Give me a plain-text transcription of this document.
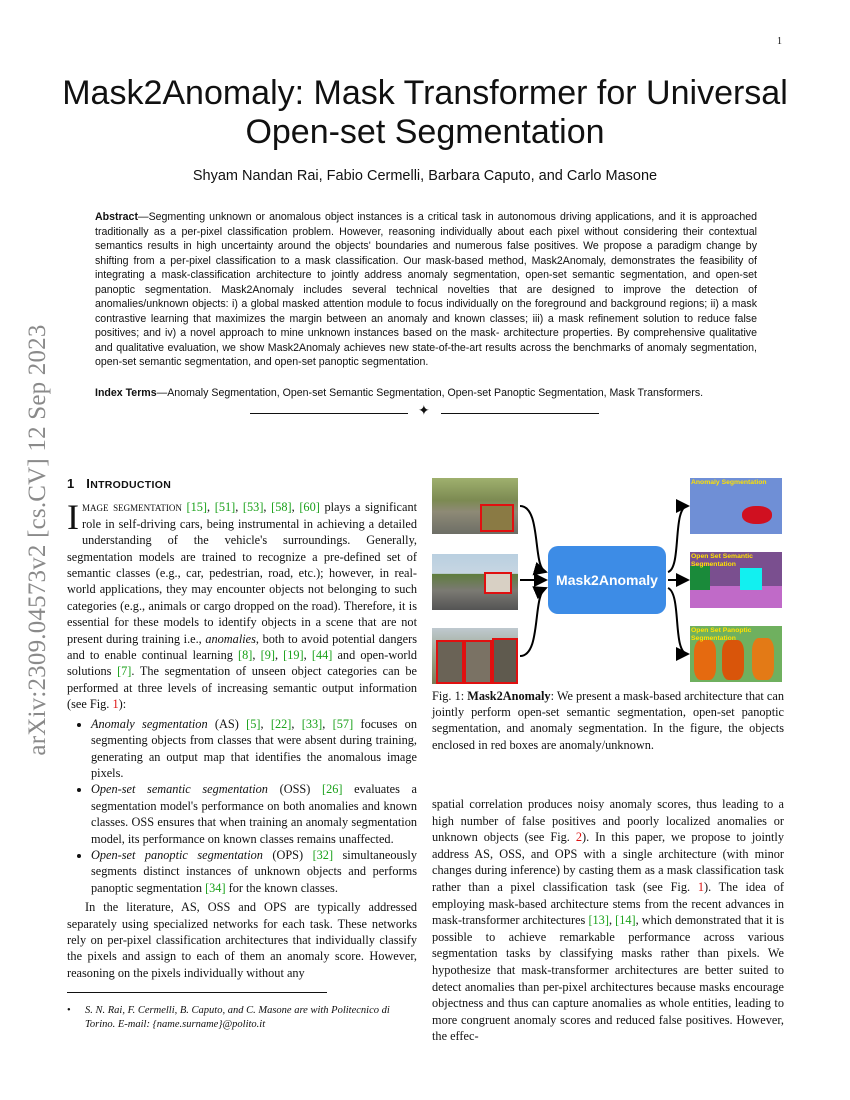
1
arXiv:2309.04573v2 [cs.CV] 12 Sep 2023
Mask2Anomaly: Mask Transformer for Universal
Open-set Segmentation
Shyam Nandan Rai, Fabio Cermelli, Barbara Caputo, and Carlo Masone

Abstract—Segmenting unknown or anomalous object instances is a critical task in autonomous driving applications, and it is approached traditionally as a per-pixel classification problem. However, reasoning individually about each pixel without considering their contextual semantics results in high uncertainty around the objects' boundaries and numerous false positives. We propose a paradigm change by shifting from a per-pixel classification to a mask classification. Our mask-based method, Mask2Anomaly, demonstrates the feasibility of integrating a mask-classification architecture to jointly address anomaly segmentation, open-set semantic segmentation, and open-set panoptic segmentation. Mask2Anomaly includes several technical novelties that are designed to improve the detection of anomalies/unknown objects: i) a global masked attention module to focus individually on the foreground and background regions; ii) a mask contrastive learning that maximizes the margin between an anomaly and known classes; iii) a mask refinement solution to reduce false positives; and iv) a novel approach to mine unknown instances based on the mask- architecture properties. By comprehensive qualitative and qualitative evaluation, we show Mask2Anomaly achieves new state-of-the-art results across the benchmarks of anomaly segmentation, open-set semantic segmentation, and open-set panoptic segmentation.

Index Terms—Anomaly Segmentation, Open-set Semantic Segmentation, Open-set Panoptic Segmentation, Mask Transformers.

✦
1 INTRODUCTION

Image segmentation [15], [51], [53], [58], [60] plays a significant role in self-driving cars, being instrumental in achieving a detailed understanding of the vehicle's surroundings. Generally, segmentation models are trained to recognize a pre-defined set of semantic classes (e.g., car, pedestrian, road, etc.); however, in real-world applications, they may encounter objects not belonging to such categories (e.g., animals or cargo dropped on the road). Therefore, it is essential for these models to identify objects in a scene that are not present during training i.e., anomalies, both to avoid potential dangers and to enable continual learning [8], [9], [19], [44] and open-world solutions [7]. The segmentation of unseen object categories can be performed at three levels of increasing semantic output information (see Fig. 1):

• Anomaly segmentation (AS) [5], [22], [33], [57] focuses on segmenting objects from classes that were absent during training, generating an output map that identifies the anomalous image pixels.
• Open-set semantic segmentation (OSS) [26] evaluates a segmentation model's performance on both anomalies and known classes. OSS ensures that when training an anomaly segmentation model, its performance on known classes remains unaffected.
• Open-set panoptic segmentation (OPS) [32] simultaneously segments distinct instances of unknown objects and performs panoptic segmentation [34] for the known classes.

In the literature, AS, OSS and OPS are typically addressed separately using specialized networks for each task. These networks rely on per-pixel classification architectures that individually classify the pixels and assign to each of them an anomaly score. However, reasoning on the pixels individually without any

• S. N. Rai, F. Cermelli, B. Caputo, and C. Masone are with Politecnico di Torino. E-mail: {name.surname}@polito.it
Mask2Anomaly
Anomaly Segmentation
Open Set Semantic Segmentation
Open Set Panoptic Segmentation

Fig. 1: Mask2Anomaly: We present a mask-based architecture that can jointly perform open-set semantic segmentation, open-set panoptic segmentation, and anomaly segmentation. In the figure, the objects enclosed in red boxes are anomaly/unknown.

spatial correlation produces noisy anomaly scores, thus leading to a high number of false positives and poorly localized anomalies or unknown objects (see Fig. 2). In this paper, we propose to jointly address AS, OSS, and OPS with a single architecture (with minor changes during inference) by casting them as a mask classification task rather than a pixel classification task (see Fig. 1). The idea of employing mask-based architecture stems from the recent advances in mask-transformer architectures [13], [14], which demonstrated that it is possible to achieve remarkable performance across various segmentation tasks by classifying masks rather than pixels. We hypothesize that mask-transformer architectures are better suited to detect anomalies than per-pixel architectures because masks encourage objectness and thus can capture anomalies as whole entities, leading to more congruent anomaly scores and reduced false positives. However, the effec-
